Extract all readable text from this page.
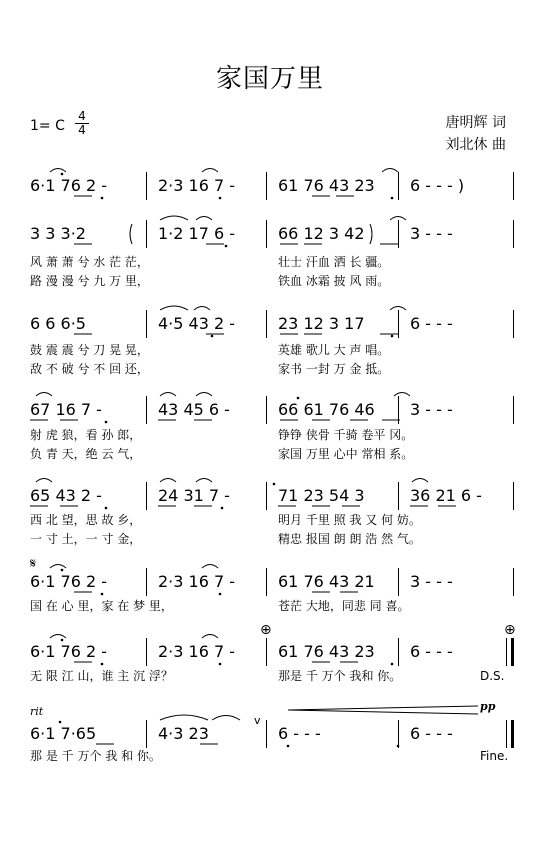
家国万里
1= C
4
4	唐明辉 词
刘北休 曲
6·1 76 2 -	2·3 16 7 -	61 76 43 23 6 - - - )
3 3 3·2	1·2 17 6 -	66 12 3 42	3 - - -
风 萧 萧 兮 水 茫 茫，	壮士 汗血 洒 长 疆。
路 漫 漫 兮 九 万 里，	铁血 冰霜 披 风 雨。
6 6 6·5	4·5 43 2 -	23 12 3 17	6 - - -
鼓 震 震 兮 刀 晃 晃，	英雄 歌儿 大 声 唱。
敌 不 破 兮 不 回 还，	家书 一封 万 金 抵。
67 16 7 -	43 45 6 -	66 61 76 46 3 - - -
射 虎 狼，看 孙 郎，	铮铮 侠骨 千骑 卷平 冈。
负 青 天，绝 云 气，	家国 万里 心中 常相 系。
65 43 2 -	24 31 7 -	71 23 54 3	36 21 6 -
西 北 望，思 故 乡，	明月 千里 照 我 又 何 妨。
一 寸 土，一 寸 金，	精忠 报国 朗 朗 浩 然 气。
𝄋
6·1 76 2 -	2·3 16 7 -	61 76 43 21 3 - - -
国 在 心 里，家 在 梦 里，	苍茫 大地，同悲 同 喜。
⊕	⊕
6·1 76 2 -	2·3 16 7 -	61 76 43 23 6 - - -
无 限 江 山，谁 主 沉 浮？	那是 千 万个 我和 你。	D.S.
rit	pp
v
6·1 7·65	4·3 23	6 - - -	6 - - -
那 是 千 万个 我 和 你。	Fine.
